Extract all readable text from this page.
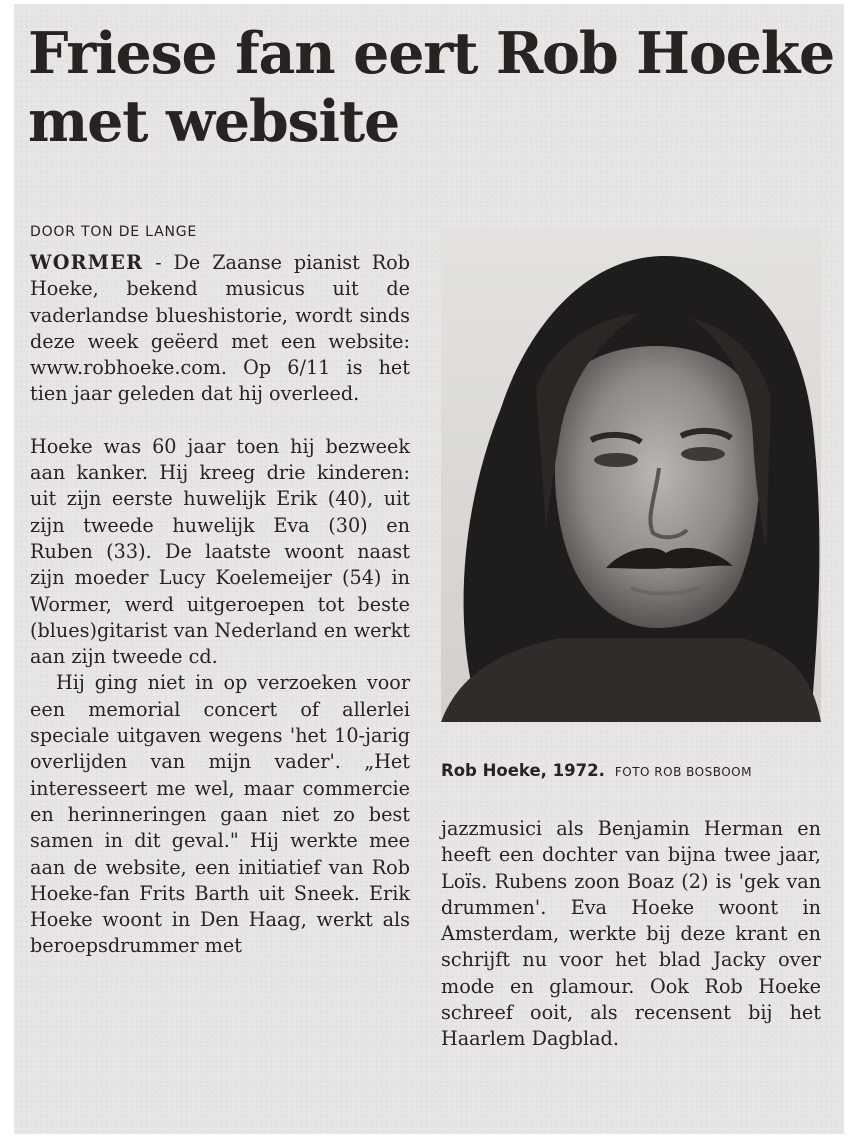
Friese fan eert Rob Hoeke met website
DOOR TON DE LANGE

WORMER - De Zaanse pianist Rob Hoeke, bekend musicus uit de vaderlandse blueshistorie, wordt sinds deze week geëerd met een website: www.robhoeke.com. Op 6/11 is het tien jaar geleden dat hij overleed.

Hoeke was 60 jaar toen hij bezweek aan kanker. Hij kreeg drie kinderen: uit zijn eerste huwelijk Erik (40), uit zijn tweede huwelijk Eva (30) en Ruben (33). De laatste woont naast zijn moeder Lucy Koelemeijer (54) in Wormer, werd uitgeroepen tot beste (blues)gitarist van Nederland en werkt aan zijn tweede cd.

Hij ging niet in op verzoeken voor een memorial concert of allerlei speciale uitgaven wegens 'het 10-jarig overlijden van mijn vader'. „Het interesseert me wel, maar commercie en herinneringen gaan niet zo best samen in dit geval." Hij werkte mee aan de website, een initiatief van Rob Hoeke-fan Frits Barth uit Sneek. Erik Hoeke woont in Den Haag, werkt als beroepsdrummer met

Rob Hoeke, 1972. FOTO ROB BOSBOOM

jazzmusici als Benjamin Herman en heeft een dochter van bijna twee jaar, Loïs. Rubens zoon Boaz (2) is 'gek van drummen'. Eva Hoeke woont in Amsterdam, werkte bij deze krant en schrijft nu voor het blad Jacky over mode en glamour. Ook Rob Hoeke schreef ooit, als recensent bij het Haarlem Dagblad.
